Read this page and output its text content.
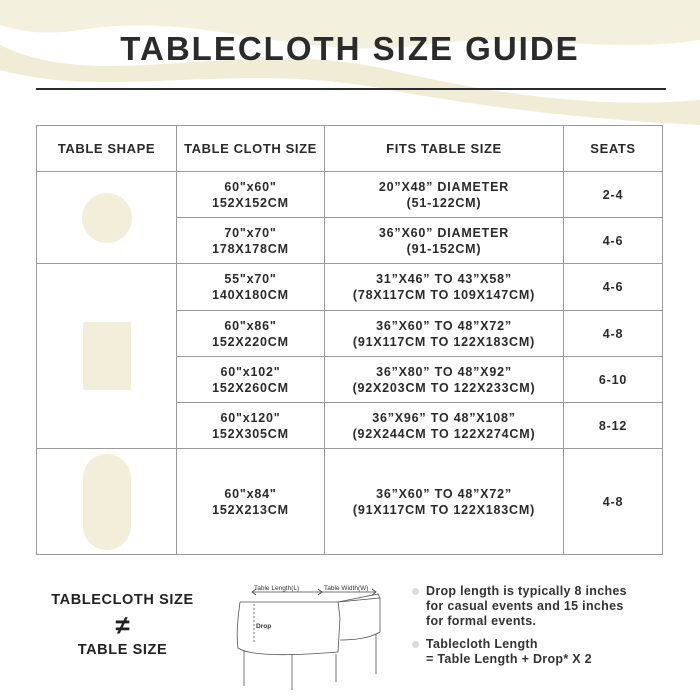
TABLECLOTH SIZE GUIDE
TABLE SHAPE	TABLE CLOTH SIZE	FITS TABLE SIZE	SEATS

	60"x60"
152X152CM	20”X48” DIAMETER
(51-122CM)	2-4

	70"x70"
178X178CM	36”X60” DIAMETER
(91-152CM)	4-6

	55"x70"
140X180CM	31”X46” TO 43”X58”
(78X117CM TO 109X147CM)	4-6

	60"x86"
152X220CM	36”X60” TO 48”X72”
(91X117CM TO 122X183CM)	4-8

	60"x102"
152X260CM	36”X80” TO 48”X92”
(92X203CM TO 122X233CM)	6-10

	60"x120"
152X305CM	36”X96” TO 48”X108”
(92X244CM TO 122X274CM)	8-12

	60"x84"
152X213CM	36”X60” TO 48”X72”
(91X117CM TO 122X183CM)	4-8
TABLECLOTH SIZE
≠
TABLE SIZE
Table Length(L)	Table Width(W)
Drop
Drop length is typically 8 inches
for casual events and 15 inches
for formal events.
Tablecloth Length
= Table Length + Drop* X 2
